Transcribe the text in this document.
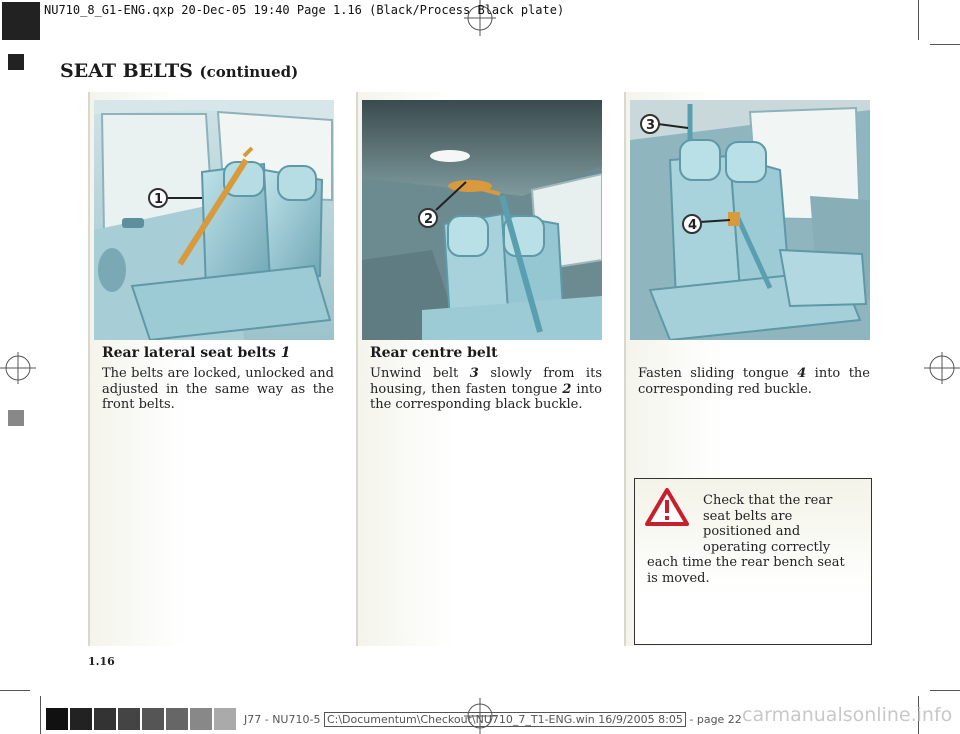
NU710_8_G1-ENG.qxp 20-Dec-05 19:40 Page 1.16 (Black/Process Black plate)
SEAT BELTS (continued)
1
2
3
4
Rear lateral seat belts 1
The belts are locked, unlocked and adjusted in the same way as the front belts.
Rear centre belt
Unwind belt 3 slowly from its housing, then fasten tongue 2 into the corresponding black buckle.
Fasten sliding tongue 4 into the corresponding red buckle.
Check that the rear seat belts are positioned and operating correctly each time the rear bench seat is moved.
1.16
J77 - NU710-5 C:\Documentum\Checkout\NU710_7_T1-ENG.win 16/9/2005 8:05 - page 22 carmanualsonline.info
